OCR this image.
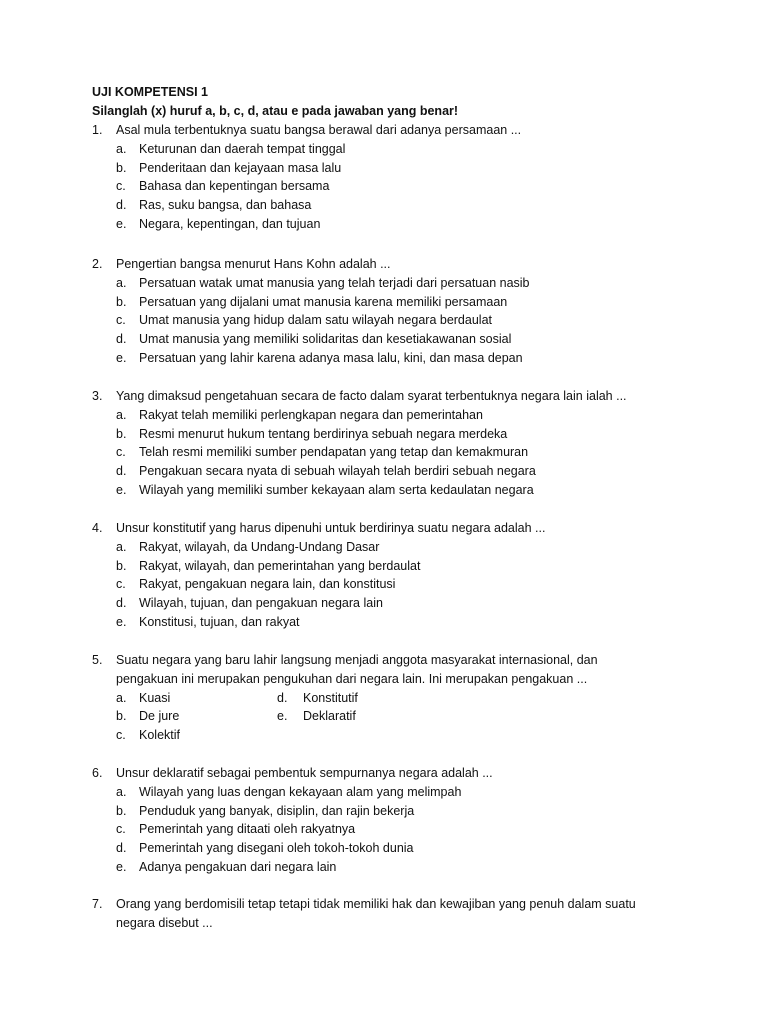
UJI KOMPETENSI 1
Silanglah (x) huruf a, b, c, d, atau e pada jawaban yang benar!
1. Asal mula terbentuknya suatu bangsa berawal dari adanya persamaan ...
a. Keturunan dan daerah tempat tinggal
b. Penderitaan dan kejayaan masa lalu
c. Bahasa dan kepentingan bersama
d. Ras, suku bangsa, dan bahasa
e. Negara, kepentingan, dan tujuan
2. Pengertian bangsa menurut Hans Kohn adalah ...
a. Persatuan watak umat manusia yang telah terjadi dari persatuan nasib
b. Persatuan yang dijalani umat manusia karena memiliki persamaan
c. Umat manusia yang hidup dalam satu wilayah negara berdaulat
d. Umat manusia yang memiliki solidaritas dan kesetiakawanan sosial
e. Persatuan yang lahir karena adanya masa lalu, kini, dan masa depan
3. Yang dimaksud pengetahuan secara de facto dalam syarat terbentuknya negara lain ialah ...
a. Rakyat telah memiliki perlengkapan negara dan pemerintahan
b. Resmi menurut hukum tentang berdirinya sebuah negara merdeka
c. Telah resmi memiliki sumber pendapatan yang tetap dan kemakmuran
d. Pengakuan secara nyata di sebuah wilayah telah berdiri sebuah negara
e. Wilayah yang memiliki sumber kekayaan alam serta kedaulatan negara
4. Unsur konstitutif yang harus dipenuhi untuk berdirinya suatu negara adalah ...
a. Rakyat, wilayah, da Undang-Undang Dasar
b. Rakyat, wilayah, dan pemerintahan yang berdaulat
c. Rakyat, pengakuan negara lain, dan konstitusi
d. Wilayah, tujuan, dan pengakuan negara lain
e. Konstitusi, tujuan, dan rakyat
5. Suatu negara yang baru lahir langsung menjadi anggota masyarakat internasional, dan
pengakuan ini merupakan pengukuhan dari negara lain. Ini merupakan pengakuan ...
a. Kuasi
b. De jure
c. Kolektif
d. Konstitutif
e. Deklaratif
6. Unsur deklaratif sebagai pembentuk sempurnanya negara adalah ...
a. Wilayah yang luas dengan kekayaan alam yang melimpah
b. Penduduk yang banyak, disiplin, dan rajin bekerja
c. Pemerintah yang ditaati oleh rakyatnya
d. Pemerintah yang disegani oleh tokoh-tokoh dunia
e. Adanya pengakuan dari negara lain
7. Orang yang berdomisili tetap tetapi tidak memiliki hak dan kewajiban yang penuh dalam suatu
negara disebut ...
